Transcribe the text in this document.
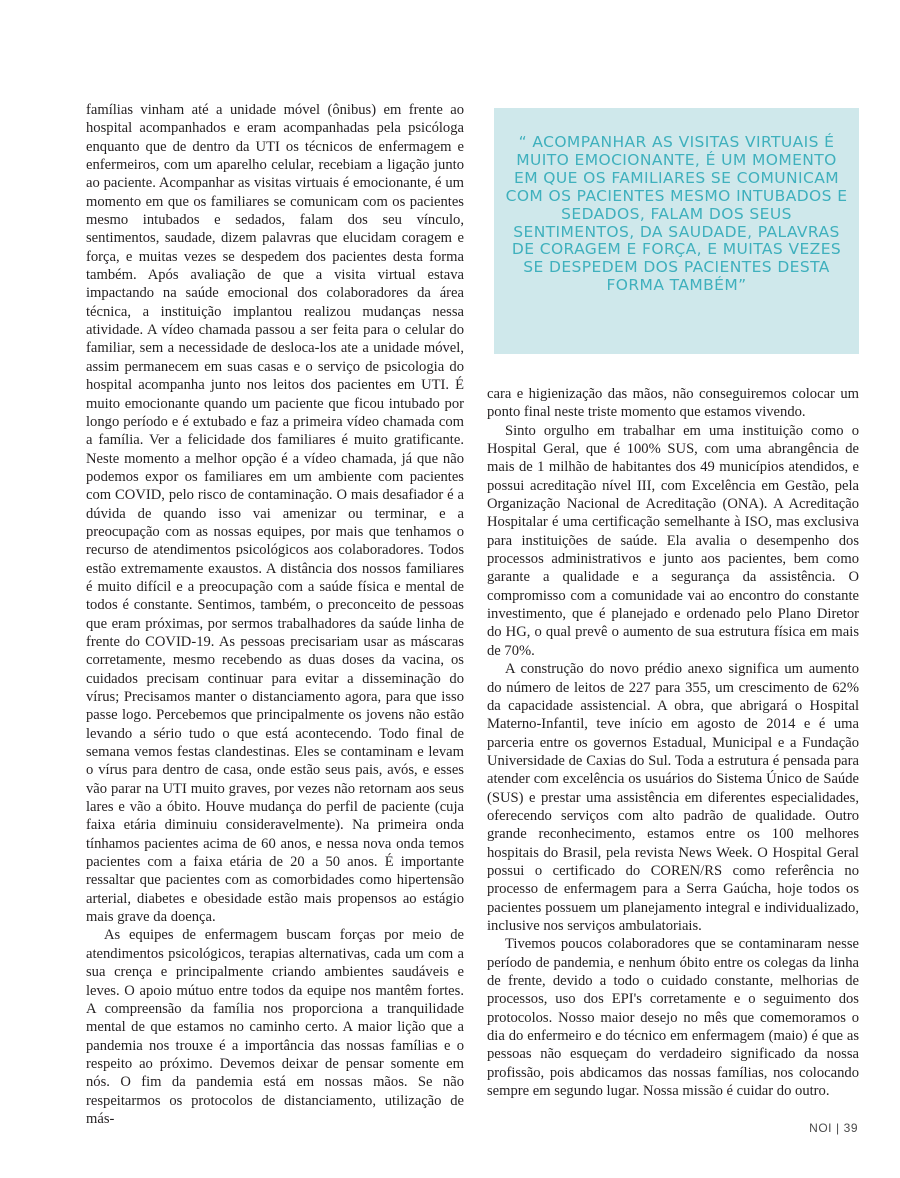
famílias vinham até a unidade móvel (ônibus) em frente ao hospital acompanhados e eram acompanhadas pela psicóloga enquanto que de dentro da UTI os técnicos de enfermagem e enfermeiros, com um aparelho celular, recebiam a ligação junto ao paciente. Acompanhar as visitas virtuais é emocionante, é um momento em que os familiares se comunicam com os pacientes mesmo intubados e sedados, falam dos seu vínculo, sentimentos, saudade, dizem palavras que elucidam coragem e força, e muitas vezes se despedem dos pacientes desta forma também. Após avaliação de que a visita virtual estava impactando na saúde emocional dos colaboradores da área técnica, a instituição implantou realizou mudanças nessa atividade. A vídeo chamada passou a ser feita para o celular do familiar, sem a necessidade de desloca-los ate a unidade móvel, assim permanecem em suas casas e o serviço de psicologia do hospital acompanha junto nos leitos dos pacientes em UTI. É muito emocionante quando um paciente que ficou intubado por longo período e é extubado e faz a primeira vídeo chamada com a família. Ver a felicidade dos familiares é muito gratificante. Neste momento a melhor opção é a vídeo chamada, já que não podemos expor os familiares em um ambiente com pacientes com COVID, pelo risco de contaminação. O mais desafiador é a dúvida de quando isso vai amenizar ou terminar, e a preocupação com as nossas equipes, por mais que tenhamos o recurso de atendimentos psicológicos aos colaboradores. Todos estão extremamente exaustos. A distância dos nossos familiares é muito difícil e a preocupação com a saúde física e mental de todos é constante. Sentimos, também, o preconceito de pessoas que eram próximas, por sermos trabalhadores da saúde linha de frente do COVID-19. As pessoas precisariam usar as máscaras corretamente, mesmo recebendo as duas doses da vacina, os cuidados precisam continuar para evitar a disseminação do vírus; Precisamos manter o distanciamento agora, para que isso passe logo. Percebemos que principalmente os jovens não estão levando a sério tudo o que está acontecendo. Todo final de semana vemos festas clandestinas. Eles se contaminam e levam o vírus para dentro de casa, onde estão seus pais, avós, e esses vão parar na UTI muito graves, por vezes não retornam aos seus lares e vão a óbito. Houve mudança do perfil de paciente (cuja faixa etária diminuiu consideravelmente). Na primeira onda tínhamos pacientes acima de 60 anos, e nessa nova onda temos pacientes com a faixa etária de 20 a 50 anos. É importante ressaltar que pacientes com as comorbidades como hipertensão arterial, diabetes e obesidade estão mais propensos ao estágio mais grave da doença.

As equipes de enfermagem buscam forças por meio de atendimentos psicológicos, terapias alternativas, cada um com a sua crença e principalmente criando ambientes saudáveis e leves. O apoio mútuo entre todos da equipe nos mantêm fortes. A compreensão da família nos proporciona a tranquilidade mental de que estamos no caminho certo. A maior lição que a pandemia nos trouxe é a importância das nossas famílias e o respeito ao próximo. Devemos deixar de pensar somente em nós. O fim da pandemia está em nossas mãos. Se não respeitarmos os protocolos de distanciamento, utilização de más-

“ ACOMPANHAR AS VISITAS VIRTUAIS É MUITO EMOCIONANTE, É UM MOMENTO EM QUE OS FAMILIARES SE COMUNICAM COM OS PACIENTES MESMO INTUBADOS E SEDADOS, FALAM DOS SEUS SENTIMENTOS, DA SAUDADE, PALAVRAS DE CORAGEM E FORÇA, E MUITAS VEZES SE DESPEDEM DOS PACIENTES DESTA FORMA TAMBÉM”

cara e higienização das mãos, não conseguiremos colocar um ponto final neste triste momento que estamos vivendo.

Sinto orgulho em trabalhar em uma instituição como o Hospital Geral, que é 100% SUS, com uma abrangência de mais de 1 milhão de habitantes dos 49 municípios atendidos, e possui acreditação nível III, com Excelência em Gestão, pela Organização Nacional de Acreditação (ONA). A Acreditação Hospitalar é uma certificação semelhante à ISO, mas exclusiva para instituições de saúde. Ela avalia o desempenho dos processos administrativos e junto aos pacientes, bem como garante a qualidade e a segurança da assistência. O compromisso com a comunidade vai ao encontro do constante investimento, que é planejado e ordenado pelo Plano Diretor do HG, o qual prevê o aumento de sua estrutura física em mais de 70%.

A construção do novo prédio anexo significa um aumento do número de leitos de 227 para 355, um crescimento de 62% da capacidade assistencial. A obra, que abrigará o Hospital Materno-Infantil, teve início em agosto de 2014 e é uma parceria entre os governos Estadual, Municipal e a Fundação Universidade de Caxias do Sul. Toda a estrutura é pensada para atender com excelência os usuários do Sistema Único de Saúde (SUS) e prestar uma assistência em diferentes especialidades, oferecendo serviços com alto padrão de qualidade. Outro grande reconhecimento, estamos entre os 100 melhores hospitais do Brasil, pela revista News Week. O Hospital Geral possui o certificado do COREN/RS como referência no processo de enfermagem para a Serra Gaúcha, hoje todos os pacientes possuem um planejamento integral e individualizado, inclusive nos serviços ambulatoriais.

Tivemos poucos colaboradores que se contaminaram nesse período de pandemia, e nenhum óbito entre os colegas da linha de frente, devido a todo o cuidado constante, melhorias de processos, uso dos EPI's corretamente e o seguimento dos protocolos. Nosso maior desejo no mês que comemoramos o dia do enfermeiro e do técnico em enfermagem (maio) é que as pessoas não esqueçam do verdadeiro significado da nossa profissão, pois abdicamos das nossas famílias, nos colocando sempre em segundo lugar. Nossa missão é cuidar do outro.

NOI | 39
